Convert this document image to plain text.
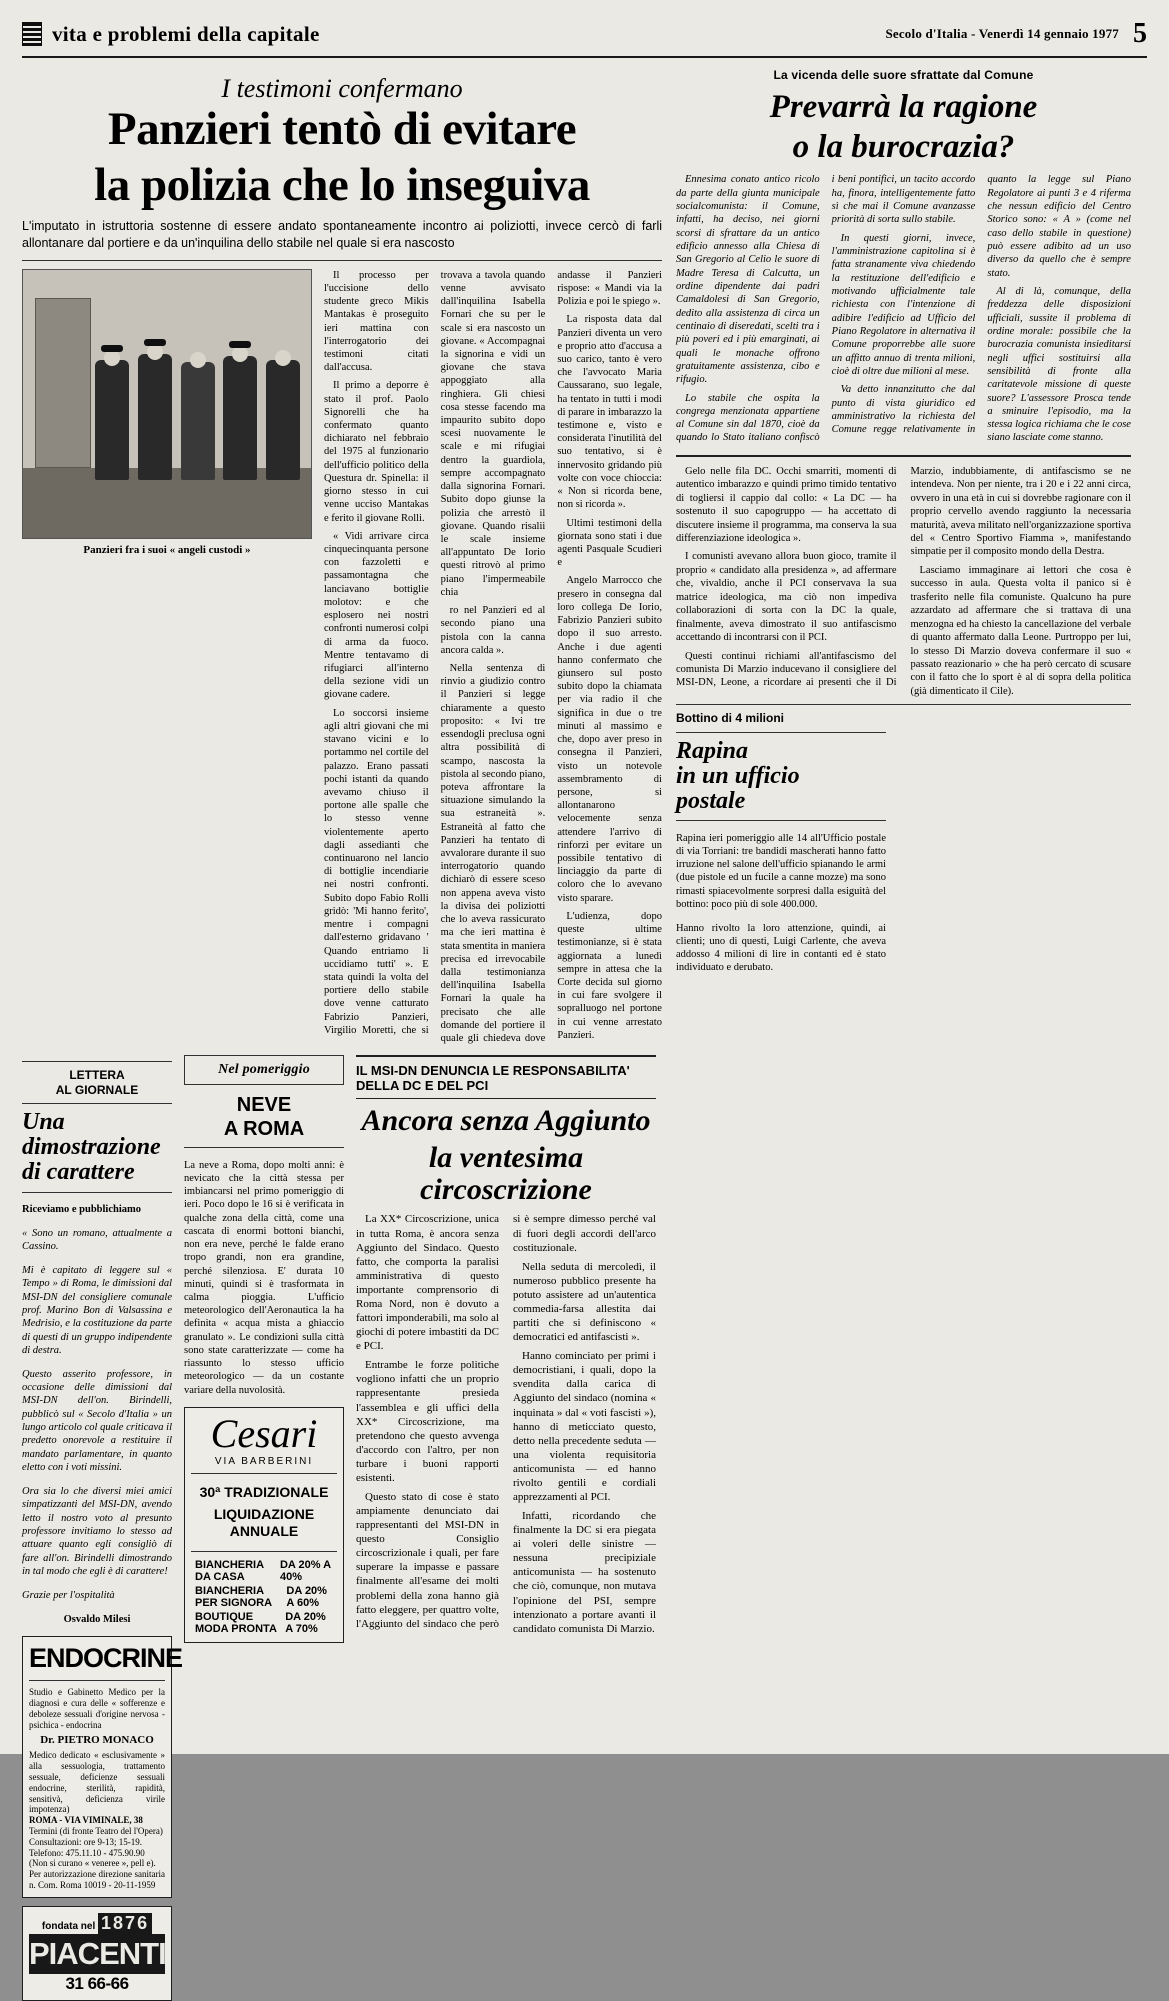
vita e problemi della capitale	Secolo d'Italia - Venerdì 14 gennaio 1977 5
I testimoni confermano
Panzieri tentò di evitare
la polizia che lo inseguiva
L'imputato in istruttoria sostenne di essere andato spontaneamente incontro ai poliziotti, invece cercò di farli allontanare dal portiere e da un'inquilina dello stabile nel quale si era nascosto
Panzieri fra i suoi « angeli custodi »

Il processo per l'uccisione dello studente greco Mikis Mantakas è proseguito ieri mattina con l'interrogatorio dei testimoni citati dall'accusa.

Il primo a deporre è stato il prof. Paolo Signorelli che ha confermato quanto dichiarato nel febbraio del 1975 al funzionario dell'ufficio politico della Questura dr. Spinella: il giorno stesso in cui venne ucciso Mantakas e ferito il giovane Rolli.

« Vidi arrivare circa cinquecinquanta persone con fazzoletti e passamontagna che lanciavano bottiglie molotov: e che esplosero nei nostri confronti numerosi colpi di arma da fuoco. Mentre tentavamo di rifugiarci all'interno della sezione vidi un giovane cadere.

Lo soccorsi insieme agli altri giovani che mi stavano vicini e lo portammo nel cortile del palazzo. Erano passati pochi istanti da quando avevamo chiuso il portone alle spalle che lo stesso venne violentemente aperto dagli assedianti che continuarono nel lancio di bottiglie incendiarie nei nostri confronti. Subito dopo Fabio Rolli gridò: 'Mi hanno ferito', mentre i compagni dall'esterno gridavano ' Quando entriamo li uccidiamo tutti' ». E stata quindi la volta del portiere dello stabile dove venne catturato Fabrizio Panzieri, Virgilio Moretti, che si trovava a tavola quando venne avvisato dall'inquilina Isabella Fornari che su per le scale si era nascosto un giovane. « Accompagnai la signorina e vidi un giovane che stava appoggiato alla ringhiera. Gli chiesi cosa stesse facendo ma impaurito subito dopo scesi nuovamente le scale e mi rifugiai dentro la guardiola, sempre accompagnato dalla signorina Fornari. Subito dopo giunse la polizia che arrestò il giovane. Quando risalii le scale insieme all'appuntato De Iorio questi ritrovò al primo piano l'impermeabile chia

ro nel Panzieri ed al secondo piano una pistola con la canna ancora calda ».

Nella sentenza di rinvio a giudizio contro il Panzieri si legge chiaramente a questo proposito: « Ivi tre essendogli preclusa ogni altra possibilità di scampo, nascosta la pistola al secondo piano, poteva affrontare la situazione simulando la sua estraneità ». Estraneità al fatto che Panzieri ha tentato di avvalorare durante il suo interrogatorio quando dichiarò di essere sceso non appena aveva visto la divisa dei poliziotti che lo aveva rassicurato ma che ieri mattina è stata smentita in maniera precisa ed irrevocabile dalla testimonianza dell'inquilina Isabella Fornari la quale ha precisato che alle domande del portiere il quale gli chiedeva dove andasse il Panzieri rispose: « Mandi via la Polizia e poi le spiego ».

La risposta data dal Panzieri diventa un vero e proprio atto d'accusa a suo carico, tanto è vero che l'avvocato Maria Caussarano, suo legale, ha tentato in tutti i modi di parare in imbarazzo la testimone e, visto e considerata l'inutilità del suo tentativo, si è innervosito gridando più volte con voce chioccia: « Non si ricorda bene, non si ricorda ».

Ultimi testimoni della giornata sono stati i due agenti Pasquale Scudieri e

Angelo Marrocco che presero in consegna dal loro collega De Iorio, Fabrizio Panzieri subito dopo il suo arresto. Anche i due agenti hanno confermato che giunsero sul posto subito dopo la chiamata per via radio il che significa in due o tre minuti al massimo e che, dopo aver preso in consegna il Panzieri, visto un notevole assembramento di persone, si allontanarono velocemente senza attendere l'arrivo di rinforzi per evitare un possibile tentativo di linciaggio da parte di coloro che lo avevano visto sparare.

L'udienza, dopo queste ultime testimonianze, si è stata aggiornata a lunedì sempre in attesa che la Corte decida sul giorno in cui fare svolgere il sopralluogo nel portone in cui venne arrestato Panzieri.

LETTERA
AL GIORNALE
Una
dimostrazione
di carattere

Riceviamo e pubblichiamo

« Sono un romano, attualmente a Cassino.

Mi è capitato di leggere sul « Tempo » di Roma, le dimissioni dal MSI-DN del consigliere comunale prof. Marino Bon di Valsassina e Medrisio, e la costituzione da parte di questi di un gruppo indipendente di destra.

Questo asserito professore, in occasione delle dimissioni dal MSI-DN dell'on. Birindelli, pubblicò sul « Secolo d'Italia » un lungo articolo col quale criticava il predetto onorevole a restituire il mandato parlamentare, in quanto eletto con i voti missini.

Ora sia lo che diversi miei amici simpatizzanti del MSI-DN, avendo letto il nostro voto al presunto professore invitiamo lo stesso ad attuare quanto egli consigliò di fare all'on. Birindelli dimostrando in tal modo che egli è di carattere!

Grazie per l'ospitalità

Osvaldo Milesi

ENDOCRINE
Studio e Gabinetto Medico per la diagnosi e cura delle « sofferenze e deboleze sessuali d'origine nervosa - psichica - endocrina
Dr. PIETRO MONACO
Medico dedicato « esclusivamente » alla sessuologia, trattamento sessuale, deficienze sessuali endocrine, sterilità, rapidità, sensitivà, deficienza virile impotenza)
ROMA - VIA VIMINALE, 38
Termini (di fronte Teatro del l'Opera)
Consultazioni: ore 9-13; 15-19.
Telefono: 475.11.10 - 475.90.90
(Non si curano « veneree », pell e).
Per autorizzazione direzione sanitaria n. Com. Roma 10019 - 20-11-1959
fondata nel 1876
PIACENTI
31 66-66
Nel pomeriggio
NEVE
A ROMA

La neve a Roma, dopo molti anni: è nevicato che la città stessa per imbiancarsi nel primo pomeriggio di ieri. Poco dopo le 16 si è verificata in qualche zona della città, come una cascata di enormi bottoni bianchi, non era neve, perché le falde erano tropo grandi, non era grandine, perché silenziosa. E' durata 10 minuti, quindi si è trasformata in calma pioggia. L'ufficio meteorologico dell'Aeronautica la ha definita « acqua mista a ghiaccio granulato ». Le condizioni sulla città sono state caratterizzate — come ha riassunto lo stesso ufficio meteorologico — da un costante variare della nuvolosità.

Cesari
VIA BARBERINI
30ª TRADIZIONALE
LIQUIDAZIONE ANNUALE
BIANCHERIA DA CASA
DA 20% A 40%
BIANCHERIA PER SIGNORA
DA 20% A 60%
BOUTIQUE MODA PRONTA
DA 20% A 70%
IL MSI-DN DENUNCIA LE RESPONSABILITA' DELLA DC E DEL PCI
Ancora senza Aggiunto
la ventesima circoscrizione

La XX* Circoscrizione, unica in tutta Roma, è ancora senza Aggiunto del Sindaco. Questo fatto, che comporta la paralisi amministrativa di questo importante comprensorio di Roma Nord, non è dovuto a fattori imponderabili, ma solo al giochi di potere imbastiti da DC e PCI.

Entrambe le forze politiche vogliono infatti che un proprio rappresentante presieda l'assemblea e gli uffici della XX* Circoscrizione, ma pretendono che questo avvenga d'accordo con l'altro, per non turbare i buoni rapporti esistenti.

Questo stato di cose è stato ampiamente denunciato dai rappresentanti del MSI-DN in questo Consiglio circoscrizionale i quali, per fare superare la impasse e passare finalmente all'esame dei molti problemi della zona hanno già fatto eleggere, per quattro volte, l'Aggiunto del sindaco che però si è sempre dimesso perché val di fuori degli accordi dell'arco costituzionale.

Nella seduta di mercoledì, il numeroso pubblico presente ha potuto assistere ad un'autentica commedia-farsa allestita dai partiti che si definiscono « democratici ed antifascisti ».

Hanno cominciato per primi i democristiani, i quali, dopo la svendita dalla carica di Aggiunto del sindaco (nomina « inquinata » dal « voti fascisti »), hanno di meticciato questo, detto nella precedente seduta — una violenta requisitoria anticomunista — ed hanno rivolto gentili e cordiali apprezzamenti al PCI.

Infatti, ricordando che finalmente la DC si era piegata ai voleri delle sinistre — nessuna precipiziale anticomunista — ha sostenuto che ciò, comunque, non mutava l'opinione del PSI, sempre intenzionato a portare avanti il candidato comunista Di Marzio.

La vicenda delle suore sfrattate dal Comune
Prevarrà la ragione
o la burocrazia?

Ennesima conato antico ricolo da parte della giunta municipale socialcomunista: il Comune, infatti, ha deciso, nei giorni scorsi di sfrattare da un antico edificio annesso alla Chiesa di San Gregorio al Celio le suore di Madre Teresa di Calcutta, un ordine dipendente dai padri Camaldolesi di San Gregorio, dedito alla assistenza di circa un centinaio di diseredati, scelti tra i più poveri ed i più emarginati, ai quali le monache offrono gratuitamente assistenza, cibo e rifugio.

Lo stabile che ospita la congrega menzionata appartiene al Comune sin dal 1870, cioè da quando lo Stato italiano confiscò i beni pontifici, un tacito accordo ha, finora, intelligentemente fatto sì che mai il Comune avanzasse priorità di sorta sullo stabile.

In questi giorni, invece, l'amministrazione capitolina si è fatta stranamente viva chiedendo la restituzione dell'edificio e motivando ufficialmente tale richiesta con l'intenzione di adibire l'edificio ad Ufficio del Piano Regolatore in alternativa il Comune proporrebbe alle suore un affitto annuo di trenta milioni, cioè di oltre due milioni al mese.

Va detto innanzitutto che dal punto di vista giuridico ed amministrativo la richiesta del Comune regge relativamente in quanto la legge sul Piano Regolatore ai punti 3 e 4 riferma che nessun edificio del Centro Storico sono: « A » (come nel caso dello stabile in questione) può essere adibito ad un uso diverso da quello che è sempre stato.

Al di là, comunque, della freddezza delle disposizioni ufficiali, sussite il problema di ordine morale: possibile che la burocrazia comunista insieditarsi negli uffici sostituirsi alla sensibilità di fronte alla caritatevole missione di queste suore? L'assessore Prosca tende a sminuire l'episodio, ma la stessa logica richiama che le cose siano lasciate come stanno.

Gelo nelle fila DC. Occhi smarriti, momenti di autentico imbarazzo e quindi primo timido tentativo di togliersi il cappio dal collo: « La DC — ha sostenuto il suo capogruppo — ha accettato di discutere insieme il programma, ma conserva la sua differenziazione ideologica ».

I comunisti avevano allora buon gioco, tramite il proprio « candidato alla presidenza », ad affermare che, vivaldio, anche il PCI conservava la sua matrice ideologica, ma ciò non impediva collaborazioni di sorta con la DC la quale, finalmente, aveva dimostrato il suo antifascismo accettando di incontrarsi con il PCI.

Questi continui richiami all'antifascismo del comunista Di Marzio inducevano il consigliere del MSI-DN, Leone, a ricordare ai presenti che il Di Marzio, indubbiamente, di antifascismo se ne intendeva. Non per niente, tra i 20 e i 22 anni circa, ovvero in una età in cui si dovrebbe ragionare con il proprio cervello avendo raggiunto la necessaria maturità, aveva militato nell'organizzazione sportiva del « Centro Sportivo Fiamma », manifestando simpatie per il composito mondo della Destra.

Lasciamo immaginare ai lettori che cosa è successo in aula. Questa volta il panico si è trasferito nelle fila comuniste. Qualcuno ha pure azzardato ad affermare che si trattava di una menzogna ed ha chiesto la cancellazione del verbale di quanto affermato dalla Leone. Purtroppo per lui, lo stesso Di Marzio doveva confermare il suo « passato reazionario » che ha però cercato di scusare con il fatto che lo sport è al di sopra della politica (già dimenticato il Cile).

Bottino di 4 milioni
Rapina
in un ufficio
postale

Rapina ieri pomeriggio alle 14 all'Ufficio postale di via Torriani: tre bandidi mascherati hanno fatto irruzione nel salone dell'ufficio spianando le armi (due pistole ed un fucile a canne mozze) ma sono rimasti spiacevolmente sorpresi dalla esiguità del bottino: poco più di sole 400.000.

Hanno rivolto la loro attenzione, quindi, ai clienti; uno di questi, Luigi Carlente, che aveva addosso 4 milioni di lire in contanti ed è stato individuato e derubato.
